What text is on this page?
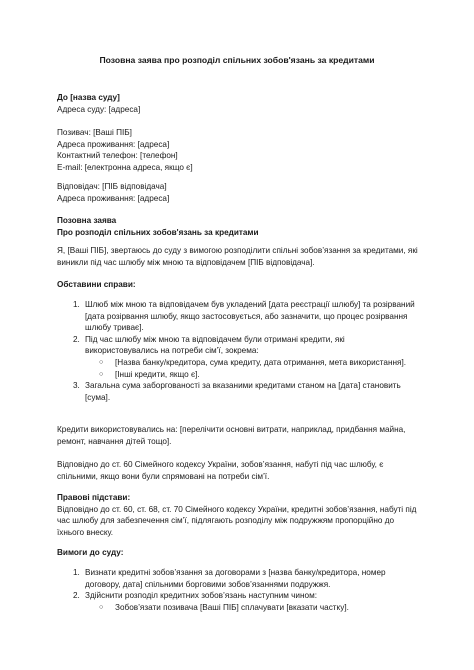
Позовна заява про розподіл спільних зобов'язань за кредитами
До [назва суду]
Адреса суду: [адреса]
Позивач: [Ваші ПІБ]
Адреса проживання: [адреса]
Контактний телефон: [телефон]
E-mail: [електронна адреса, якщо є]
Відповідач: [ПІБ відповідача]
Адреса проживання: [адреса]
Позовна заява
Про розподіл спільних зобов'язань за кредитами
Я, [Ваші ПІБ], звертаюсь до суду з вимогою розподілити спільні зобов’язання за кредитами, які виникли під час шлюбу між мною та відповідачем [ПІБ відповідача].
Обставини справи:
1. Шлюб між мною та відповідачем був укладений [дата реєстрації шлюбу] та розірваний [дата розірвання шлюбу, якщо застосовується, або зазначити, що процес розірвання шлюбу триває].
2. Під час шлюбу між мною та відповідачем були отримані кредити, які використовувались на потреби сім’ї, зокрема:
○ [Назва банку/кредитора, сума кредиту, дата отримання, мета використання].
○ [Інші кредити, якщо є].
3. Загальна сума заборгованості за вказаними кредитами станом на [дата] становить [сума].
Кредити використовувались на: [перелічити основні витрати, наприклад, придбання майна, ремонт, навчання дітей тощо].
Відповідно до ст. 60 Сімейного кодексу України, зобов’язання, набуті під час шлюбу, є спільними, якщо вони були спрямовані на потреби сім’ї.
Правові підстави:
Відповідно до ст. 60, ст. 68, ст. 70 Сімейного кодексу України, кредитні зобов’язання, набуті під час шлюбу для забезпечення сім’ї, підлягають розподілу між подружжям пропорційно до їхнього внеску.
Вимоги до суду:
1. Визнати кредитні зобов’язання за договорами з [назва банку/кредитора, номер договору, дата] спільними борговими зобов’язаннями подружжя.
2. Здійснити розподіл кредитних зобов’язань наступним чином:
○ Зобов’язати позивача [Ваші ПІБ] сплачувати [вказати частку].
